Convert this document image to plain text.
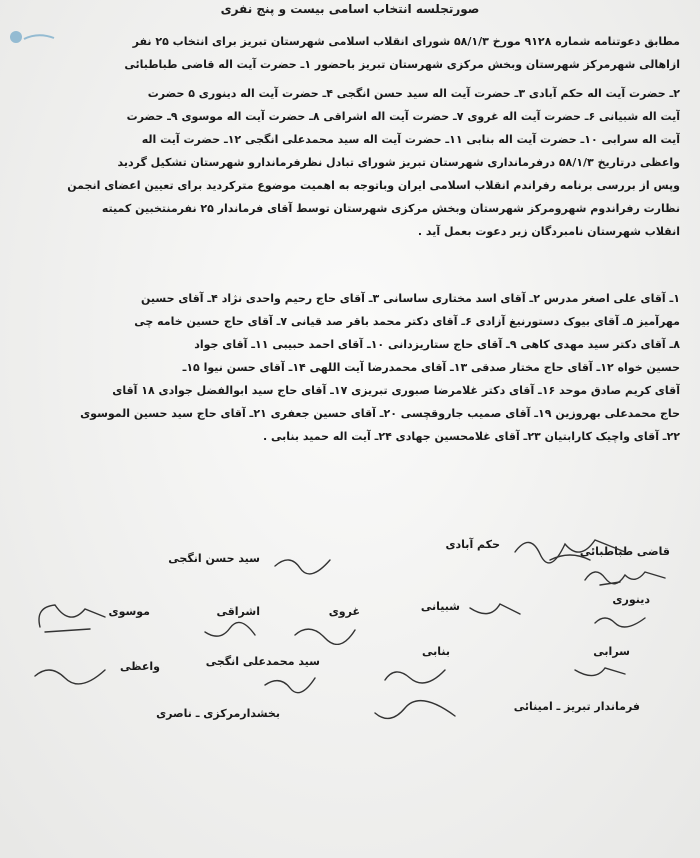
صورتجلسه انتخاب اسامی بیست و پنج نفری
مطابق دعوتنامه شماره ۹۱۲۸ مورخ ۵۸/۱/۳ شورای انقلاب اسلامی شهرستان تبریز برای انتخاب ۲۵ نفر
ازاهالی شهرمرکز شهرستان وبخش مرکزی شهرستان تبریز باحضور ۱ـ حضرت آیت اله قاضی طباطبائی
۲ـ حضرت آیت اله حکم آبادی ۳ـ حضرت آیت اله سید حسن انگجی ۴ـ حضرت آیت اله دینوری ۵ حضرت
آیت اله شبیانی ۶ـ حضرت آیت اله غروی ۷ـ حضرت آیت اله اشراقی ۸ـ حضرت آیت اله موسوی ۹ـ حضرت
آیت اله سرابی ۱۰ـ حضرت آیت اله بنابی ۱۱ـ حضرت آیت اله سید محمدعلی انگجی ۱۲ـ حضرت آیت اله
واعظی درتاریخ ۵۸/۱/۳ درفرمانداری شهرستان تبریز شورای تبادل نظرفرماندارو شهرستان تشکیل گردید
وپس از بررسی برنامه رفراندم انقلاب اسلامی ایران وباتوجه به اهمیت موضوع مترکردید برای تعیین اعضای انجمن
نظارت رفراندوم شهرومرکز شهرستان وبخش مرکزی شهرستان توسط آقای فرماندار ۲۵ نفرمنتخبین کمیته
انقلاب شهرستان نامبردگان زیر دعوت بعمل آید .
۱ـ آقای علی اصغر مدرس ۲ـ آقای اسد مختاری ساسانی ۳ـ آقای حاج رحیم واحدی نژاد ۴ـ آقای حسین
مهرآمیز ۵ـ آقای بیوک دستورنیغ آزادی ۶ـ آقای دکتر محمد باقر صد قیانی ۷ـ آقای حاج حسین خامه چی
۸ـ آقای دکتر سید مهدی کاهی ۹ـ آقای حاج ستاریزدانی ۱۰ـ آقای احمد حبیبی ۱۱ـ آقای جواد
حسین خواه ۱۲ـ آقای حاج مختار صدقی ۱۳ـ آقای محمدرضا آیت اللهی ۱۴ـ آقای حسن نیوا ۱۵ـ
آقای کریم صادق موحد ۱۶ـ آقای دکتر غلامرضا صبوری تبریزی ۱۷ـ آقای حاج سید ابوالفضل جوادی ۱۸ آقای
حاج محمدعلی بهروزین ۱۹ـ آقای صمیب جاروقچسی ۲۰ـ آقای حسین جعفری ۲۱ـ آقای حاج سید حسین الموسوی
۲۲ـ آقای واچیک کارابتیان ۲۳ـ آقای غلامحسین جهادی ۲۴ـ آیت اله حمید بنابی .
قاضی طباطبائی
حکم آبادی
سید حسن انگجی
دینوری
شبیانی
غروی
اشراقی
موسوی
سرابی
بنابی
سید محمدعلی انگجی
واعظی
فرماندار تبریز ـ امینائی
بخشدارمرکزی ـ ناصری
